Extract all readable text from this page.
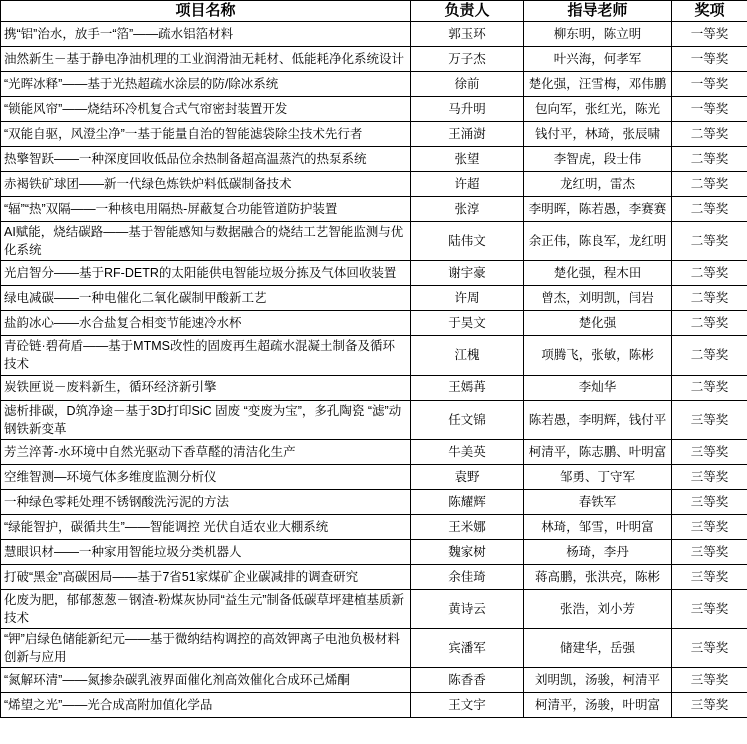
项目名称	负责人	指导老师	奖项
携“铝”治水，放手一“箔”——疏水铝箔材料	郭玉环	柳东明，陈立明	一等奖
油然新生－基于静电净油机理的工业润滑油无耗材、低能耗净化系统设计	万子杰	叶兴海，何孝军	一等奖
“光晖冰释”——基于光热超疏水涂层的防/除冰系统	徐前	楚化强，汪雪梅，邓伟鹏	一等奖
“锁能风帘”——烧结环冷机复合式气帘密封装置开发	马升明	包向军，张红光，陈光	一等奖
“双能自驱，风澄尘净”一基于能量自治的智能滤袋除尘技术先行者	王涌澍	钱付平，林琦，张辰啸	二等奖
热擎智跃——一种深度回收低品位余热制备超高温蒸汽的热泵系统	张望	李智虎，段士伟	二等奖
赤褐铁矿球团——新一代绿色炼铁炉料低碳制备技术	许超	龙红明，雷杰	二等奖
“辐”“热”双隔——一种核电用隔热-屏蔽复合功能管道防护装置	张淳	李明晖，陈若愚，李赛赛	二等奖
AI赋能，烧结碳路——基于智能感知与数据融合的烧结工艺智能监测与优化系统	陆伟文	余正伟，陈良军，龙红明	二等奖
光启智分——基于RF-DETR的太阳能供电智能垃圾分拣及气体回收装置	谢宇豪	楚化强，程木田	二等奖
绿电减碳——一种电催化二氧化碳制甲酸新工艺	许周	曾杰，刘明凯，闫岩	二等奖
盐韵冰心——水合盐复合相变节能速冷水杯	于昊文	楚化强	二等奖
青砼链·碧荷盾——基于MTMS改性的固废再生超疏水混凝土制备及循环技术	江槐	项腾飞，张敏，陈彬	二等奖
炭铁匣说－废料新生，循环经济新引擎	王嫣苒	李灿华	二等奖
滤析排碳，D筑净途－基于3D打印SiC 固废 “变废为宝”，多孔陶瓷 “滤”动钢铁新变革	任文锦	陈若愚，李明辉，钱付平	三等奖
芳兰淬菁-水环境中自然光驱动下香草醛的清洁化生产	牛美英	柯清平，陈志鹏、叶明富	三等奖
空维智测—环境气体多维度监测分析仪	袁野	邹勇、丁守军	三等奖
一种绿色零耗处理不锈钢酸洗污泥的方法	陈耀辉	春铁军	三等奖
“绿能智护，碳循共生”——智能调控 光伏自适农业大棚系统	王米娜	林琦，邹雪，叶明富	三等奖
慧眼识材——一种家用智能垃圾分类机器人	魏家树	杨琦，李丹	三等奖
打破“黑金”高碳困局——基于7省51家煤矿企业碳减排的调查研究	余佳琦	蒋高鹏，张洪亮，陈彬	三等奖
化废为肥，郁郁葱葱－钢渣-粉煤灰协同“益生元”制备低碳草坪建植基质新技术	黄诗云	张浩，刘小芳	三等奖
“钾”启绿色储能新纪元——基于微纳结构调控的高效钾离子电池负极材料创新与应用	宾潘军	储建华，岳强	三等奖
“氮解环清”——氮掺杂碳乳液界面催化剂高效催化合成环己烯酮	陈香香	刘明凯，汤骏，柯清平	三等奖
“烯望之光”——光合成高附加值化学品	王文宇	柯清平，汤骏，叶明富	三等奖
